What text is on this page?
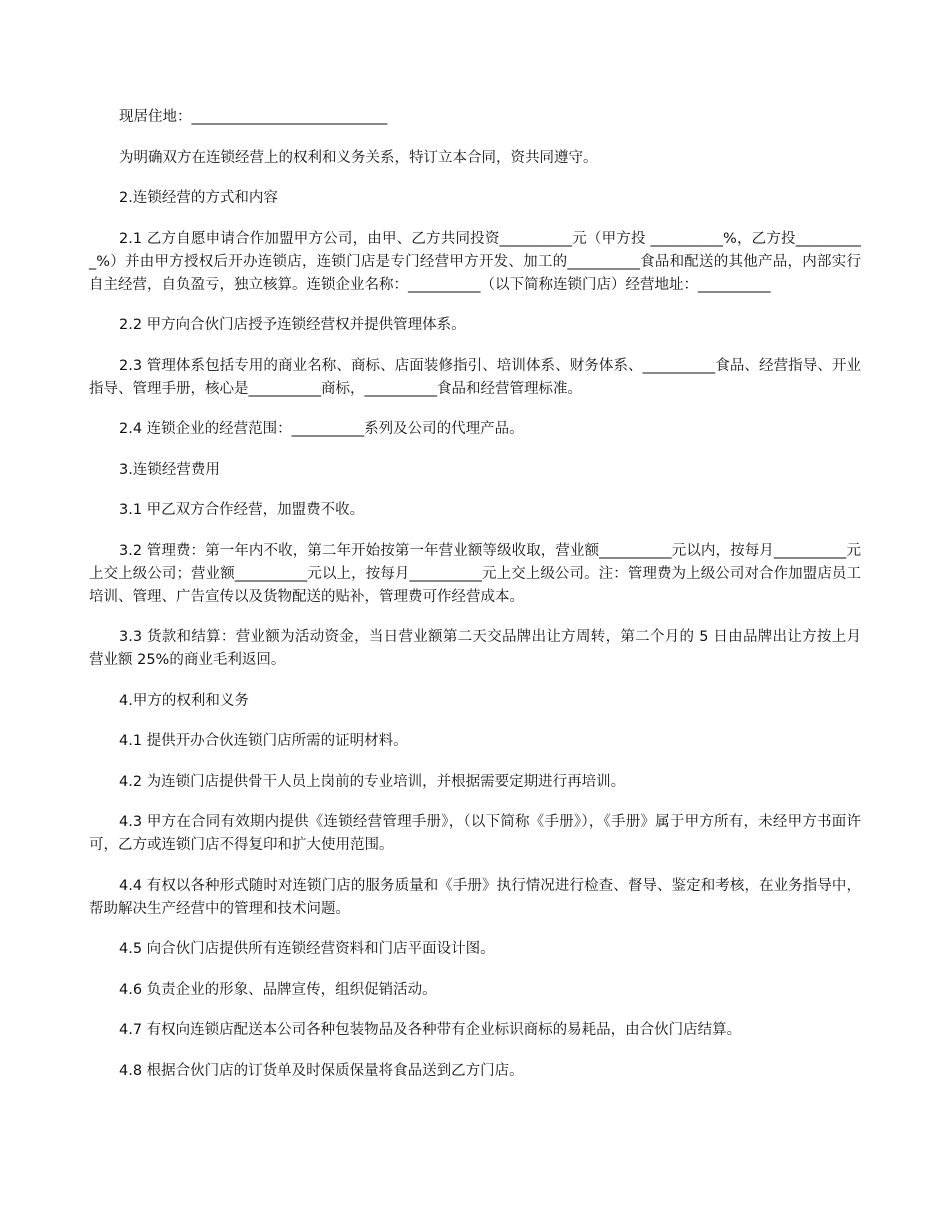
现居住地：___________________________

为明确双方在连锁经营上的权利和义务关系，特订立本合同，资共同遵守。

2.连锁经营的方式和内容

2.1 乙方自愿申请合作加盟甲方公司，由甲、乙方共同投资__________元（甲方投 __________%，乙方投__________%）并由甲方授权后开办连锁店，连锁门店是专门经营甲方开发、加工的__________食品和配送的其他产品，内部实行自主经营，自负盈亏，独立核算。连锁企业名称：__________（以下简称连锁门店）经营地址：__________

2.2 甲方向合伙门店授予连锁经营权并提供管理体系。

2.3 管理体系包括专用的商业名称、商标、店面装修指引、培训体系、财务体系、__________食品、经营指导、开业指导、管理手册，核心是__________商标，__________食品和经营管理标准。

2.4 连锁企业的经营范围：__________系列及公司的代理产品。

3.连锁经营费用

3.1 甲乙双方合作经营，加盟费不收。

3.2 管理费：第一年内不收，第二年开始按第一年营业额等级收取，营业额__________元以内，按每月__________元上交上级公司；营业额__________元以上，按每月__________元上交上级公司。注：管理费为上级公司对合作加盟店员工培训、管理、广告宣传以及货物配送的贴补，管理费可作经营成本。

3.3 货款和结算：营业额为活动资金，当日营业额第二天交品牌出让方周转，第二个月的 5 日由品牌出让方按上月营业额 25%的商业毛利返回。

4.甲方的权利和义务

4.1 提供开办合伙连锁门店所需的证明材料。

4.2 为连锁门店提供骨干人员上岗前的专业培训，并根据需要定期进行再培训。

4.3 甲方在合同有效期内提供《连锁经营管理手册》，（以下简称《手册》），《手册》属于甲方所有，未经甲方书面许可，乙方或连锁门店不得复印和扩大使用范围。

4.4 有权以各种形式随时对连锁门店的服务质量和《手册》执行情况进行检查、督导、鉴定和考核，在业务指导中，帮助解决生产经营中的管理和技术问题。

4.5 向合伙门店提供所有连锁经营资料和门店平面设计图。

4.6 负责企业的形象、品牌宣传，组织促销活动。

4.7 有权向连锁店配送本公司各种包装物品及各种带有企业标识商标的易耗品，由合伙门店结算。

4.8 根据合伙门店的订货单及时保质保量将食品送到乙方门店。
